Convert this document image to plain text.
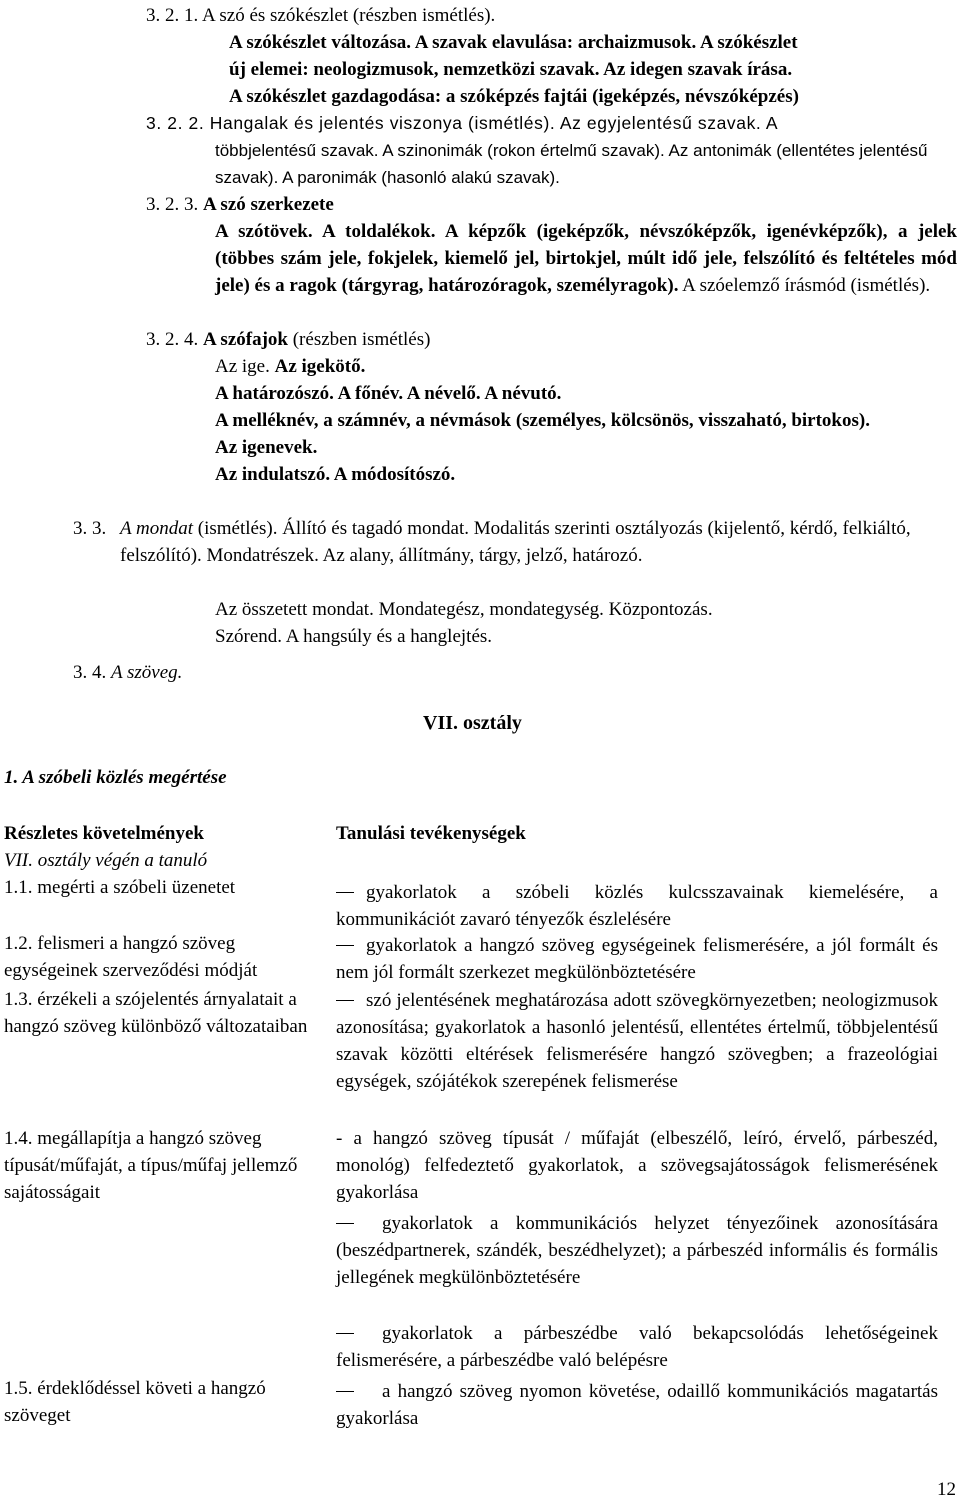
3. 2. 1. A szó és szókészlet (részben ismétlés).

A szókészlet változása. A szavak elavulása: archaizmusok. A szókészlet

új elemei: neologizmusok, nemzetközi szavak. Az idegen szavak írása.

A szókészlet gazdagodása: a szóképzés fajtái (igeképzés, névszóképzés)

3. 2. 2. Hangalak és jelentés viszonya (ismétlés). Az egyjelentésű szavak. A

többjelentésű szavak. A szinonimák (rokon értelmű szavak). Az antonimák (ellentétes jelentésű szavak). A paronimák (hasonló alakú szavak).

3. 2. 3. A szó szerkezete

A szótövek. A toldalékok. A képzők (igeképzők, névszóképzők, igenévképzők), a jelek (többes szám jele, fokjelek, kiemelő jel, birtokjel, múlt idő jele, felszólító és feltételes mód jele) és a ragok (tárgyrag, határozóragok, személyragok). A szóelemző írásmód (ismétlés).

3. 2. 4. A szófajok (részben ismétlés)

Az ige. Az igekötő.

A határozószó. A főnév. A névelő. A névutó.

A melléknév, a számnév, a névmások (személyes, kölcsönös, visszaható, birtokos).

Az igenevek.

Az indulatszó. A módosítószó.

3. 3. A mondat (ismétlés). Állító és tagadó mondat. Modalitás szerinti osztályozás (kijelentő, kérdő, felkiáltó, felszólító). Mondatrészek. Az alany, állítmány, tárgy, jelző, határozó.

Az összetett mondat. Mondategész, mondategység. Központozás.

Szórend. A hangsúly és a hanglejtés.

3. 4. A szöveg.

VII. osztály
1. A szóbeli közlés megértése
Részletes követelmények	Tanulási tevékenységek
VII. osztály végén a tanuló
1.1. megérti a szóbeli üzenetet	gyakorlatok a szóbeli közlés kulcsszavainak kiemelésére, a kommunikációt zavaró tényezők észlelésére

1.2. felismeri a hangzó szöveg egységeinek szerveződési módját

gyakorlatok a hangzó szöveg egységeinek felismerésére, a jól formált és nem jól formált szerkezet megkülönböztetésére

1.3. érzékeli a szójelentés árnyalatait a hangzó szöveg különböző változataiban

szó jelentésének meghatározása adott szövegkörnyezetben; neologizmusok azonosítása; gyakorlatok a hasonló jelentésű, ellentétes értelmű, többjelentésű szavak közötti eltérések felismerésére hangzó szövegben; a frazeológiai egységek, szójátékok szerepének felismerése

1.4. megállapítja a hangzó szöveg típusát/műfaját, a típus/műfaj jellemző sajátosságait

- a hangzó szöveg típusát / műfaját (elbeszélő, leíró, érvelő, párbeszéd, monológ) felfedeztető gyakorlatok, a szövegsajátosságok felismerésének gyakorlása

gyakorlatok a kommunikációs helyzet tényezőinek azonosítására (beszédpartnerek, szándék, beszédhelyzet); a párbeszéd informális és formális jellegének megkülönböztetésére

gyakorlatok a párbeszédbe való bekapcsolódás lehetőségeinek felismerésére, a párbeszédbe való belépésre

1.5. érdeklődéssel követi a hangzó szöveget

a hangzó szöveg nyomon követése, odaillő kommunikációs magatartás gyakorlása

12
